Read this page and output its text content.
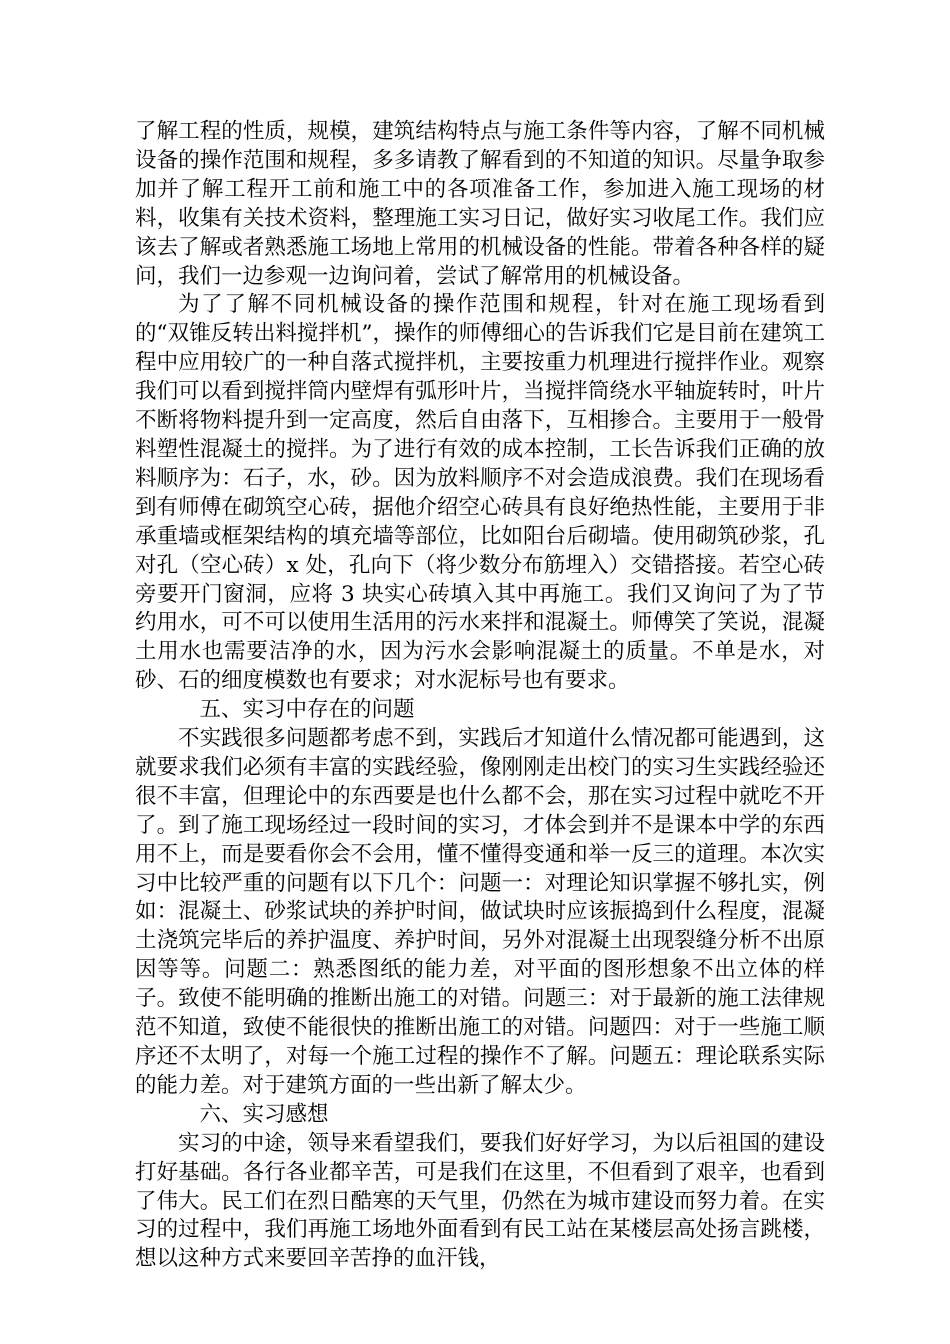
了解工程的性质，规模，建筑结构特点与施工条件等内容，了解不同机械设备的操作范围和规程，多多请教了解看到的不知道的知识。尽量争取参加并了解工程开工前和施工中的各项准备工作，参加进入施工现场的材料，收集有关技术资料，整理施工实习日记，做好实习收尾工作。我们应该去了解或者熟悉施工场地上常用的机械设备的性能。带着各种各样的疑问，我们一边参观一边询问着，尝试了解常用的机械设备。

为了了解不同机械设备的操作范围和规程，针对在施工现场看到的“双锥反转出料搅拌机”，操作的师傅细心的告诉我们它是目前在建筑工程中应用较广的一种自落式搅拌机，主要按重力机理进行搅拌作业。观察我们可以看到搅拌筒内壁焊有弧形叶片，当搅拌筒绕水平轴旋转时，叶片不断将物料提升到一定高度，然后自由落下，互相掺合。主要用于一般骨料塑性混凝土的搅拌。为了进行有效的成本控制，工长告诉我们正确的放料顺序为：石子，水，砂。因为放料顺序不对会造成浪费。我们在现场看到有师傅在砌筑空心砖，据他介绍空心砖具有良好绝热性能，主要用于非承重墙或框架结构的填充墙等部位，比如阳台后砌墙。使用砌筑砂浆，孔对孔（空心砖）x 处，孔向下（将少数分布筋埋入）交错搭接。若空心砖旁要开门窗洞，应将 3 块实心砖填入其中再施工。我们又询问了为了节约用水，可不可以使用生活用的污水来拌和混凝土。师傅笑了笑说，混凝土用水也需要洁净的水，因为污水会影响混凝土的质量。不单是水，对砂、石的细度模数也有要求；对水泥标号也有要求。

五、实习中存在的问题

不实践很多问题都考虑不到，实践后才知道什么情况都可能遇到，这就要求我们必须有丰富的实践经验，像刚刚走出校门的实习生实践经验还很不丰富，但理论中的东西要是也什么都不会，那在实习过程中就吃不开了。到了施工现场经过一段时间的实习，才体会到并不是课本中学的东西用不上，而是要看你会不会用，懂不懂得变通和举一反三的道理。本次实习中比较严重的问题有以下几个：问题一：对理论知识掌握不够扎实，例如：混凝土、砂浆试块的养护时间，做试块时应该振捣到什么程度，混凝土浇筑完毕后的养护温度、养护时间，另外对混凝土出现裂缝分析不出原因等等。问题二：熟悉图纸的能力差，对平面的图形想象不出立体的样子。致使不能明确的推断出施工的对错。问题三：对于最新的施工法律规范不知道，致使不能很快的推断出施工的对错。问题四：对于一些施工顺序还不太明了，对每一个施工过程的操作不了解。问题五：理论联系实际的能力差。对于建筑方面的一些出新了解太少。

六、实习感想

实习的中途，领导来看望我们，要我们好好学习，为以后祖国的建设打好基础。各行各业都辛苦，可是我们在这里，不但看到了艰辛，也看到了伟大。民工们在烈日酷寒的天气里，仍然在为城市建设而努力着。在实习的过程中，我们再施工场地外面看到有民工站在某楼层高处扬言跳楼，想以这种方式来要回辛苦挣的血汗钱，
